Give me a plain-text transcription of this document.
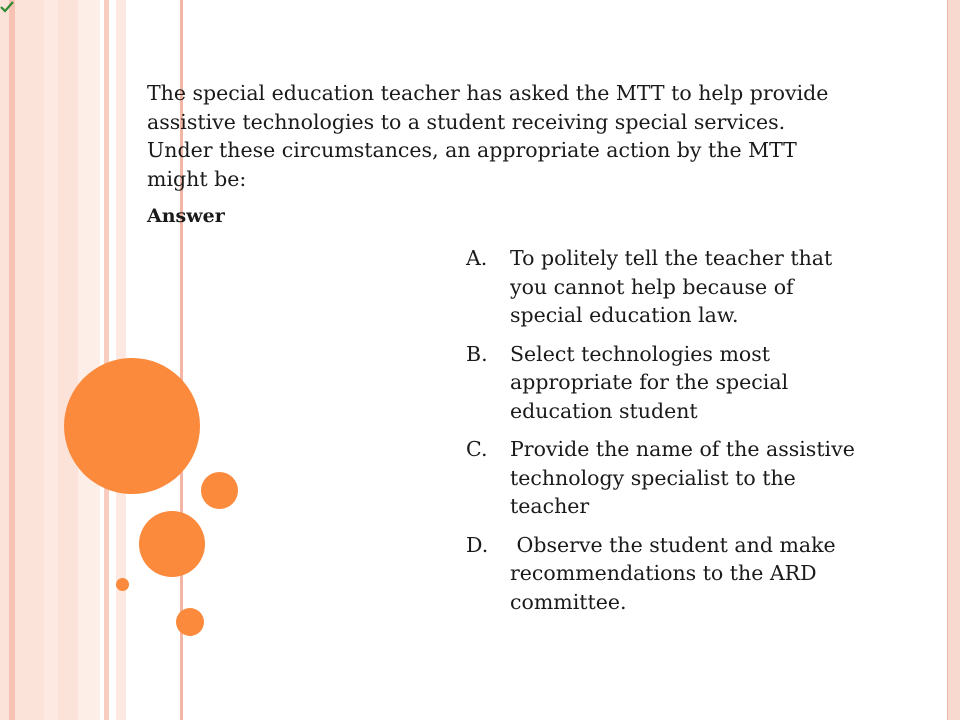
The special education teacher has asked the MTT to help provide assistive technologies to a student receiving special services. Under these circumstances, an appropriate action by the MTT might be:

Answer

A.	To politely tell the teacher that you cannot help because of special education law.
B.	Select technologies most appropriate for the special education student
C.	Provide the name of the assistive technology specialist to the teacher
D.	Observe the student and make recommendations to the ARD committee.
